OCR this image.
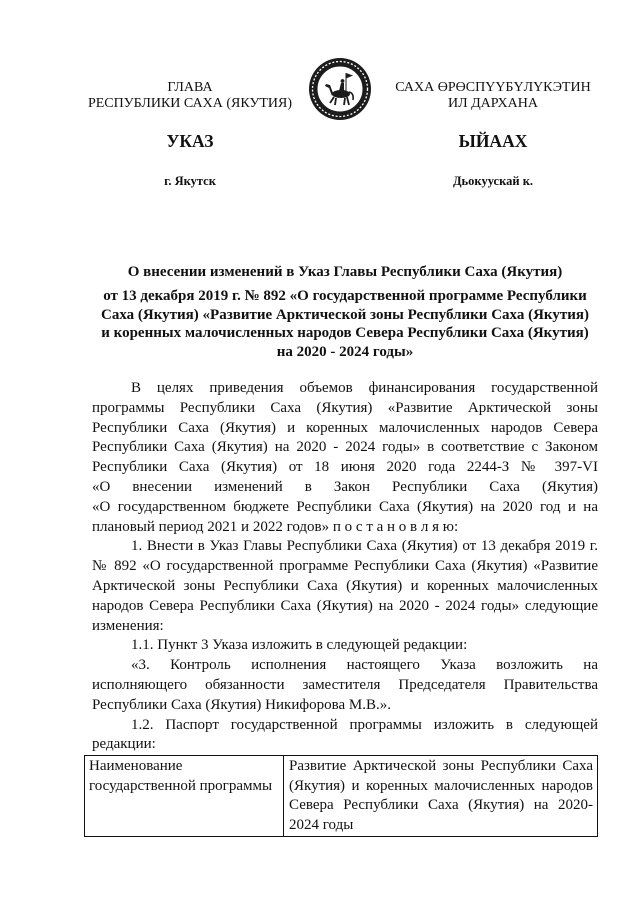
ГЛАВА
РЕСПУБЛИКИ САХА (ЯКУТИЯ)
САХА ӨРӨСПҮҮБҮЛҮКЭТИН
ИЛ ДАРХАНА
УКАЗ	ЫЙААХ
г. Якутск	Дьокуускай к.
О внесении изменений в Указ Главы Республики Саха (Якутия)
от 13 декабря 2019 г. № 892 «О государственной программе Республики
Саха (Якутия) «Развитие Арктической зоны Республики Саха (Якутия)
и коренных малочисленных народов Севера Республики Саха (Якутия)
на 2020 - 2024 годы»
В целях приведения объемов финансирования государственной
программы Республики Саха (Якутия) «Развитие Арктической зоны
Республики Саха (Якутия) и коренных малочисленных народов Севера
Республики Саха (Якутия) на 2020 - 2024 годы» в соответствие с Законом
Республики Саха (Якутия) от 18 июня 2020 года 2244-З № 397-VI
«О внесении изменений в Закон Республики Саха (Якутия)
«О государственном бюджете Республики Саха (Якутия) на 2020 год и на
плановый период 2021 и 2022 годов» п о с т а н о в л я ю:
1. Внести в Указ Главы Республики Саха (Якутия) от 13 декабря 2019 г.
№ 892 «О государственной программе Республики Саха (Якутия) «Развитие
Арктической зоны Республики Саха (Якутия) и коренных малочисленных
народов Севера Республики Саха (Якутия) на 2020 - 2024 годы» следующие
изменения:
1.1. Пункт 3 Указа изложить в следующей редакции:
«3. Контроль исполнения настоящего Указа возложить на
исполняющего обязанности заместителя Председателя Правительства
Республики Саха (Якутия) Никифорова М.В.».
1.2. Паспорт государственной программы изложить в следующей
редакции:
Наименование
государственной программы
Развитие Арктической зоны Республики Саха
(Якутия) и коренных малочисленных народов
Севера Республики Саха (Якутия) на 2020-
2024 годы
